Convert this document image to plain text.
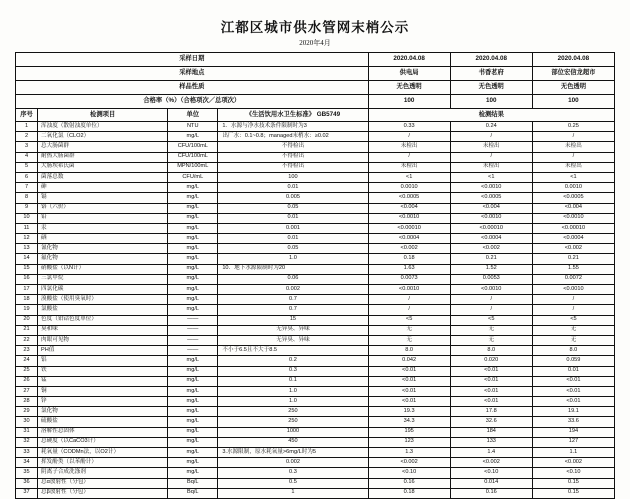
江都区城市供水管网末梢公示
2020年4月
采样日期				2020.04.08	2020.04.08	2020.04.08
采样地点				供电局	书香茗府	部位宏信龙超市
样品性质				无色透明	无色透明	无色透明
合格率（%）（合格项次／总项次）				100	100	100
序号	检测项目	单位	《生活饮用水卫生标准》 GB5749	检测结果		
1	浑浊度（散射浊度单位）	NTU	1．水源与净水技术条件限制时为3	0.33	0.24	0.25
2	二氧化氯（CLO2）	mg/L	出厂水：0.1~0.8；managed末梢水：≥0.02	/	/	/
3	总大肠菌群	CFU/100mL	不得检出	未检出	未检出	未检出
4	耐热大肠菌群	CFU/100mL	不得检出	/	/	/
5	大肠埃希氏菌	MPN/100mL	不得检出	未检出	未检出	未检出
6	菌落总数	CFU/mL	100	<1	<1	<1
7	砷	mg/L	0.01	0.0010	<0.0010	0.0010
8	镉	mg/L	0.005	<0.0005	<0.0005	<0.0005
9	铬（六价）	mg/L	0.05	<0.004	<0.004	<0.004
10	铅	mg/L	0.01	<0.0010	<0.0010	<0.0010
11	汞	mg/L	0.001	<0.00010	<0.00010	<0.00010
12	硒	mg/L	0.01	<0.0004	<0.0004	<0.0004
13	氰化物	mg/L	0.05	<0.002	<0.002	<0.002
14	氟化物	mg/L	1.0	0.18	0.21	0.21
15	硝酸盐（以N计）	mg/L	10．地下水源限制时为20	1.63	1.52	1.55
16	三氯甲烷	mg/L	0.06	0.0073	0.0053	0.0072
17	四氯化碳	mg/L	0.002	<0.0010	<0.0010	<0.0010
18	溴酸盐（使用臭氧时）	mg/L	0.7	/	/	/
19	氯酸盐	mg/L	0.7	/	/	/
20	色度（铂钴色度单位）	——	15	<5	<5	<5
21	臭和味	——	无异臭、异味	无	无	无
22	肉眼可见物	——	无异臭、异味	无	无	无
23	PH值	——	不小于6.5且不大于8.5	8.0	8.0	8.0
24	铝	mg/L	0.2	0.042	0.020	0.059
25	铁	mg/L	0.3	<0.01	<0.01	0.01
26	锰	mg/L	0.1	<0.01	<0.01	<0.01
27	铜	mg/L	1.0	<0.01	<0.01	<0.01
28	锌	mg/L	1.0	<0.01	<0.01	<0.01
29	氯化物	mg/L	250	19.3	17.8	19.1
30	硫酸盐	mg/L	250	34.3	32.6	33.6
31	溶解性总固体	mg/L	1000	195	184	194
32	总硬度（以CaCO3计）	mg/L	450	123	133	127
33	耗氧量（CODMn法，以O2计）	mg/L	3.水源限制，原水耗氧量>6mg/L时为5	1.3	1.4	1.1
34	挥发酚类（以苯酚计）	mg/L	0.002	<0.002	<0.002	<0.002
35	阴离子合成洗涤剂	mg/L	0.3	<0.10	<0.10	<0.10
36	总α放射性（分包）	Bq/L	0.5	0.16	0.014	0.15
37	总β放射性（分包）	Bq/L	1	0.18	0.16	0.15
